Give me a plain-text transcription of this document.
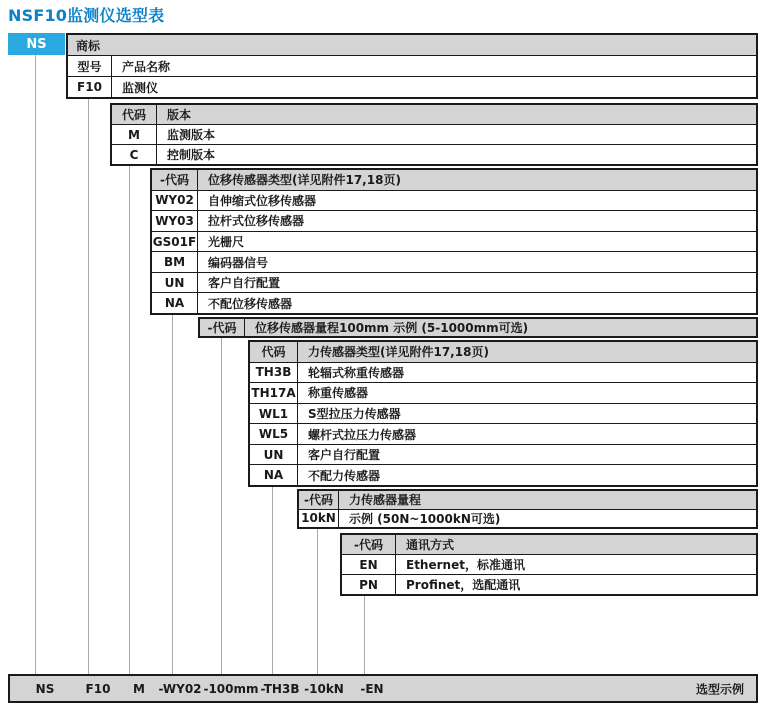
NSF10监测仪选型表
NS	商标
型号	产品名称
F10	监测仪
代码	版本
M	监测版本
C	控制版本
-代码	位移传感器类型(详见附件17,18页)
WY02	自伸缩式位移传感器
WY03	拉杆式位移传感器
GS01F 光栅尺
BM	编码器信号
UN	客户自行配置
NA	不配位移传感器
-代码	位移传感器量程100mm 示例 (5-1000mm可选)
代码	力传感器类型(详见附件17,18页)
TH3B	轮辐式称重传感器
TH17A	称重传感器
WL1	S型拉压力传感器
WL5	螺杆式拉压力传感器
UN	客户自行配置
NA	不配力传感器
-代码	力传感器量程
10kN	示例 (50N~1000kN可选)
-代码	通讯方式
EN	Ethernet，标准通讯
PN	Profinet，选配通讯
选型示例
NS	F10 M -WY02 -100mm -TH3B -10kN -EN
